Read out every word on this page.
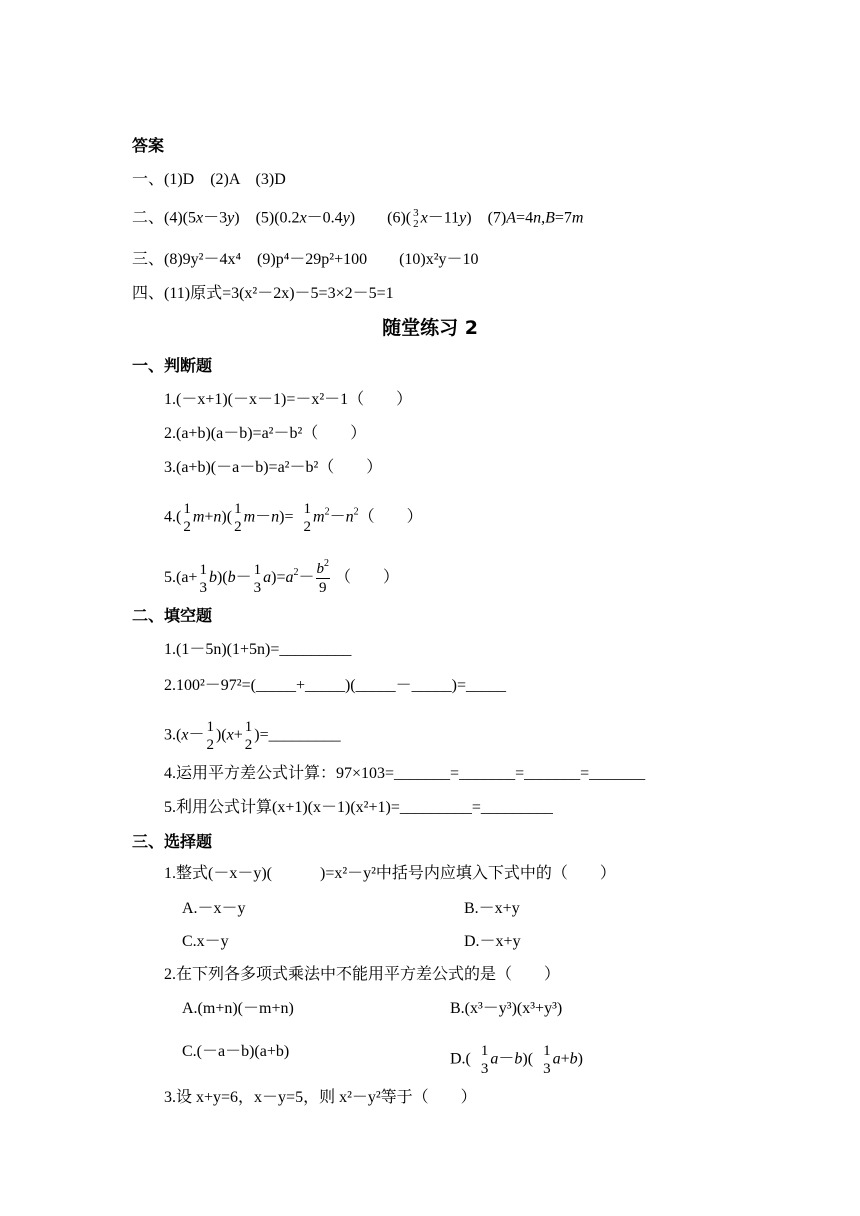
答案
一、(1)D　(2)A　(3)D
二、(4)(5x－3y)　(5)(0.2x－0.4y)　　(6)( 3
2 x－11y)　(7)A=4n,B=7m
三、(8)9y²－4x⁴　(9)p⁴－29p²+100　　(10)x²y－10
四、(11)原式=3(x²－2x)－5=3×2－5=1
随堂练习 2
一、判断题
1.(－x+1)(－x－1)=－x²－1（　　）
2.(a+b)(a－b)=a²－b²（　　）
3.(a+b)(－a－b)=a²－b²（　　）
4.( 1
2
m+n)( 1
2
m－n)= 1
2
$m^2-n^2$（　　）
5.(a+ 1
3
b)(b－ 1
3
$a)=a^2- \frac{b^2}{9}$ （　　）
二、填空题
1.(1－5n)(1+5n)=_________
2.100²－97²=(_____+_____)(_____－_____)=_____
3.(x－ 1
2
)(x+ 1
2
)=_________
4.运用平方差公式计算：97×103=_______=_______=_______=_______
5.利用公式计算(x+1)(x－1)(x²+1)=_________=_________
三、选择题
1.整式(－x－y)(　　　)=x²－y²中括号内应填入下式中的（　　）
A.－x－y	B.－x+y
C.x－y	D.－x+y
2.在下列各多项式乘法中不能用平方差公式的是（　　）
A.(m+n)(－m+n)	B.(x³－y³)(x³+y³)
C.(－a－b)(a+b)	D.( 1
3
a－b)( 1
3
a+b)
3.设 x+y=6，x－y=5，则 x²－y²等于（　　）
